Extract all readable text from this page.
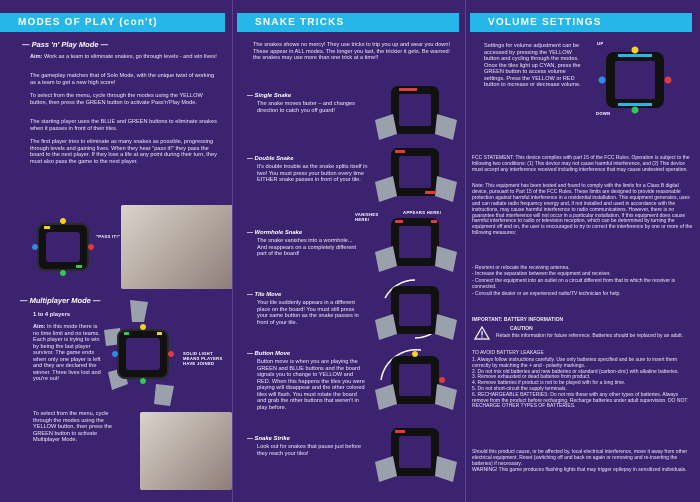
MODES OF PLAY (con't)
— Pass 'n' Play Mode —
Aim: Work as a team to eliminate snakes, go through levels - and win lives!
The gameplay matches that of Solo Mode, with the unique twist of working as a team to get a new high score!
To select from the menu, cycle through the modes using the YELLOW button, then press the GREEN button to activate Pass'n'Play Mode.
The starting player uses the BLUE and GREEN buttons to eliminate snakes when it passes in front of their tiles.
The first player tries to eliminate as many snakes as possible, progressing through levels and gaining lives. When they hear "pass it!" they pass the board to the next player. If they lose a life at any point during their turn, they must also pass the game to the next player.
"PASS IT!"
— Multiplayer Mode —
1 to 4 players
Aim: In this mode there is no time limit and no teams. Each player is trying to win by being the last player survivor. The game ends when only one player is left and they are declared the winner. Three lives lost and you're out!
SOLID LIGHT MEANS PLAYERS HAVE JOINED
To select from the menu, cycle through the modes using the YELLOW button, then press the GREEN button to activate Multiplayer Mode.
SNAKE TRICKS
The snakes shows no mercy! They use tricks to trip you up and wear you down! These appear in ALL modes. The longer you last, the trickier it gets. Be warned: the snakes may use more than one trick at a time!!
— Single Snake
The snake moves faster – and changes direction to catch you off guard!
— Double Snake
It's double trouble as the snake splits itself in two! You must press your button every time EITHER snake passes in front of your tile.
— Wormhole Snake
The snake vanishes into a wormhole... And reappears on a completely different part of the board!
— Tile Move
Your tile suddenly appears in a different place on the board! You must still press your same button as the snake passes in front of your tile.
— Button Move
Button move is when you are playing the GREEN and BLUE buttons and the board signals you to change to YELLOW and RED. When this happens the tiles you were playing will disappear and the other colored tiles will flash. You must rotate the board and grab the other buttons that weren't in play before.
— Snake Strike
Look out for snakes that pause just before they reach your tiles!
VANISHES HERE!
APPEARS HERE!
VOLUME SETTINGS
Settings for volume adjustment can be accessed by pressing the YELLOW button and cycling through the modes. Once the tiles light up CYAN, press the GREEN button to access volume settings. Press the YELLOW or RED button to increase or decrease volume.
UP
DOWN
FCC STATEMENT: This device complies with part 15 of the FCC Rules. Operation is subject to the following two conditions: (1) This device may not cause harmful interference, and (2) This device must accept any interference received including interference that may cause undesired operation.
Note: This equipment has been tested and found to comply with the limits for a Class B digital device, pursuant to Part 15 of the FCC Rules. These limits are designed to provide reasonable protection against harmful interference in a residential installation. This equipment generates, uses and can radiate radio frequency energy and, if not installed and used in accordance with the instructions, may cause harmful interference to radio communications. However, there is no guarantee that interference will not occur in a particular installation. If this equipment does cause harmful interference to radio or television reception, which can be determined by turning the equipment off and on, the user is encouraged to try to correct the interference by one or more of the following measures:
- Reorient or relocate the receiving antenna.
- Increase the separation between the equipment and receiver.
- Connect the equipment into an outlet on a circuit different from that to which the receiver is connected.
- Consult the dealer or an experienced radio/TV technician for help.
IMPORTANT: BATTERY INFORMATION
CAUTION
Retain this information for future reference. Batteries should be replaced by an adult.
TO AVOID BATTERY LEAKAGE
1. Always follow instructions carefully. Use only batteries specified and be sure to insert them correctly by matching the + and - polarity markings.
2. Do not mix old batteries and new batteries or standard (carbon-zinc) with alkaline batteries.
3. Remove exhausted or dead batteries from product.
4. Remove batteries if product is not to be played with for a long time.
5. Do not short-circuit the supply terminals.
6. RECHARGEABLE BATTERIES: Do not mix these with any other types of batteries. Always remove from the product before recharging. Recharge batteries under adult supervision. DO NOT RECHARGE OTHER TYPES OF BATTERIES.
Should this product cause, or be affected by, local electrical interference, move it away from other electrical equipment. Reset (switching off and back on again or removing and re-inserting the batteries) if necessary.
WARNING! This game produces flashing lights that may trigger epilepsy in sensitized individuals.
